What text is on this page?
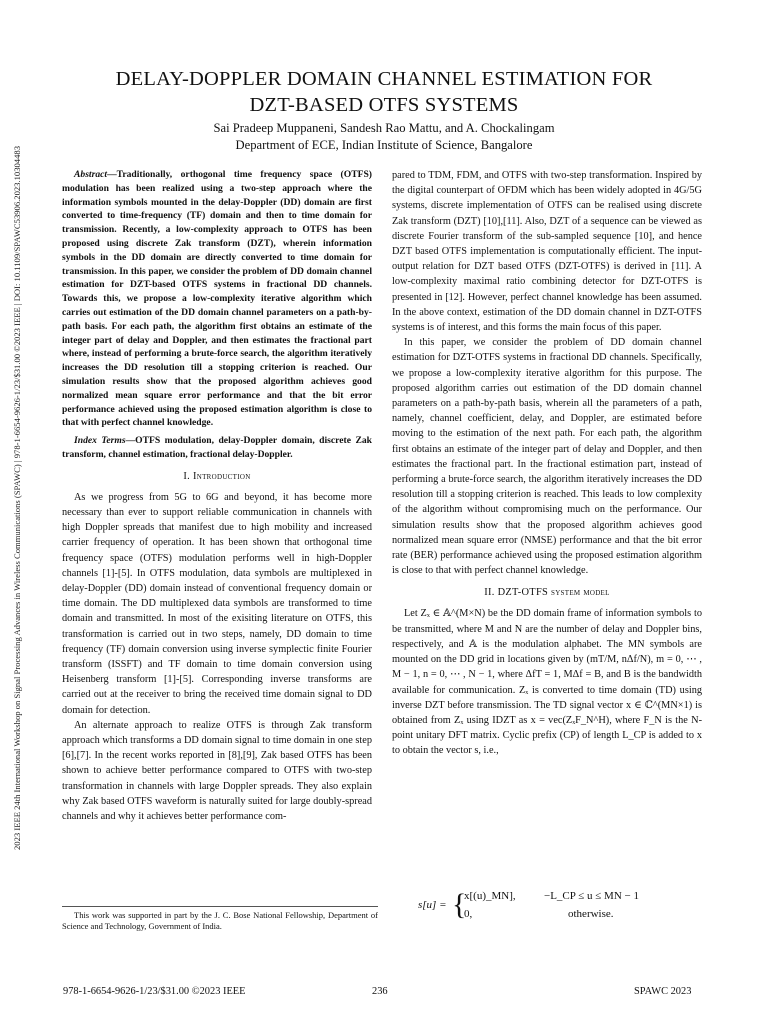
2023 IEEE 24th International Workshop on Signal Processing Advances in Wireless Communications (SPAWC) | 978-1-6654-9626-1/23/$31.00 ©2023 IEEE | DOI: 10.1109/SPAWC53906.2023.10304483
DELAY-DOPPLER DOMAIN CHANNEL ESTIMATION FOR
DZT-BASED OTFS SYSTEMS
Sai Pradeep Muppaneni, Sandesh Rao Mattu, and A. Chockalingam
Department of ECE, Indian Institute of Science, Bangalore

Abstract—Traditionally, orthogonal time frequency space (OTFS) modulation has been realized using a two-step approach where the information symbols mounted in the delay-Doppler (DD) domain are first converted to time-frequency (TF) domain and then to time domain for transmission. Recently, a low-complexity approach to OTFS has been proposed using discrete Zak transform (DZT), wherein information symbols in the DD domain are directly converted to time domain for transmission. In this paper, we consider the problem of DD domain channel estimation for DZT-based OTFS systems in fractional DD channels. Towards this, we propose a low-complexity iterative algorithm which carries out estimation of the DD domain channel parameters on a path-by-path basis. For each path, the algorithm first obtains an estimate of the integer part of delay and Doppler, and then estimates the fractional part where, instead of performing a brute-force search, the algorithm iteratively increases the DD resolution till a stopping criterion is reached. Our simulation results show that the proposed algorithm achieves good normalized mean square error performance and that the bit error performance achieved using the proposed estimation algorithm is close to that with perfect channel knowledge.

Index Terms—OTFS modulation, delay-Doppler domain, discrete Zak transform, channel estimation, fractional delay-Doppler.

I. Introduction

As we progress from 5G to 6G and beyond, it has become more necessary than ever to support reliable communication in channels with high Doppler spreads that manifest due to high mobility and increased carrier frequency of operation. It has been shown that orthogonal time frequency space (OTFS) modulation performs well in high-Doppler channels [1]-[5]. In OTFS modulation, data symbols are multiplexed in delay-Doppler (DD) domain instead of conventional frequency domain or time domain. The DD multiplexed data symbols are transformed to time domain and transmitted. In most of the exisiting literature on OTFS, this transformation is carried out in two steps, namely, DD domain to time frequency (TF) domain conversion using inverse symplectic finite Fourier transform (ISSFT) and TF domain to time domain conversion using Heisenberg transform [1]-[5]. Corresponding inverse transforms are carried out at the receiver to bring the received time domain signal to DD domain for detection.

An alternate approach to realize OTFS is through Zak transform approach which transforms a DD domain signal to time domain in one step [6],[7]. In the recent works reported in [8],[9], Zak based OTFS has been shown to achieve better performance compared to OTFS with two-step transformation in channels with large Doppler spreads. They also explain why Zak based OTFS waveform is naturally suited for large doubly-spread channels and why it achieves better performance com-

pared to TDM, FDM, and OTFS with two-step transformation. Inspired by the digital counterpart of OFDM which has been widely adopted in 4G/5G systems, discrete implementation of OTFS can be realised using discrete Zak transform (DZT) [10],[11]. Also, DZT of a sequence can be viewed as discrete Fourier transform of the sub-sampled sequence [10], and hence DZT based OTFS implementation is computationally efficient. The input-output relation for DZT based OTFS (DZT-OTFS) is derived in [11]. A low-complexity maximal ratio combining detector for DZT-OTFS is presented in [12]. However, perfect channel knowledge has been assumed. In the above context, estimation of the DD domain channel in DZT-OTFS systems is of interest, and this forms the main focus of this paper.

In this paper, we consider the problem of DD domain channel estimation for DZT-OTFS systems in fractional DD channels. Specifically, we propose a low-complexity iterative algorithm for this purpose. The proposed algorithm carries out estimation of the DD domain channel parameters on a path-by-path basis, wherein all the parameters of a path, namely, channel coefficient, delay, and Doppler, are estimated before moving to the estimation of the next path. For each path, the algorithm first obtains an estimate of the integer part of delay and Doppler, and then estimates the fractional part. In the fractional estimation part, instead of performing a brute-force search, the algorithm iteratively increases the DD resolution till a stopping criterion is reached. This leads to low complexity of the algorithm without compromising much on the performance. Our simulation results show that the proposed algorithm achieves good normalized mean square error (NMSE) performance and that the bit error rate (BER) performance achieved using the proposed estimation algorithm is close to that with perfect channel knowledge.

II. DZT-OTFS system model

Let Zₓ ∈ 𝔸^(M×N) be the DD domain frame of information symbols to be transmitted, where M and N are the number of delay and Doppler bins, respectively, and 𝔸 is the modulation alphabet. The MN symbols are mounted on the DD grid in locations given by (mT/M, nΔf/N), m = 0, ⋯ , M − 1, n = 0, ⋯ , N − 1, where ΔfT = 1, MΔf = B, and B is the bandwidth available for communication. Zₓ is converted to time domain (TD) using inverse DZT before transmission. The TD signal vector x ∈ ℂ^(MN×1) is obtained from Zₓ using IDZT as x = vec(ZₓF_N^H), where F_N is the N-point unitary DFT matrix. Cyclic prefix (CP) of length L_CP is added to x to obtain the vector s, i.e.,

s[u] = {
x[(u)_MN],	−L_CP ≤ u ≤ MN − 1
0,	otherwise.
This work was supported in part by the J. C. Bose National Fellowship, Department of Science and Technology, Government of India.
978-1-6654-9626-1/23/$31.00 ©2023 IEEE	236	SPAWC 2023
